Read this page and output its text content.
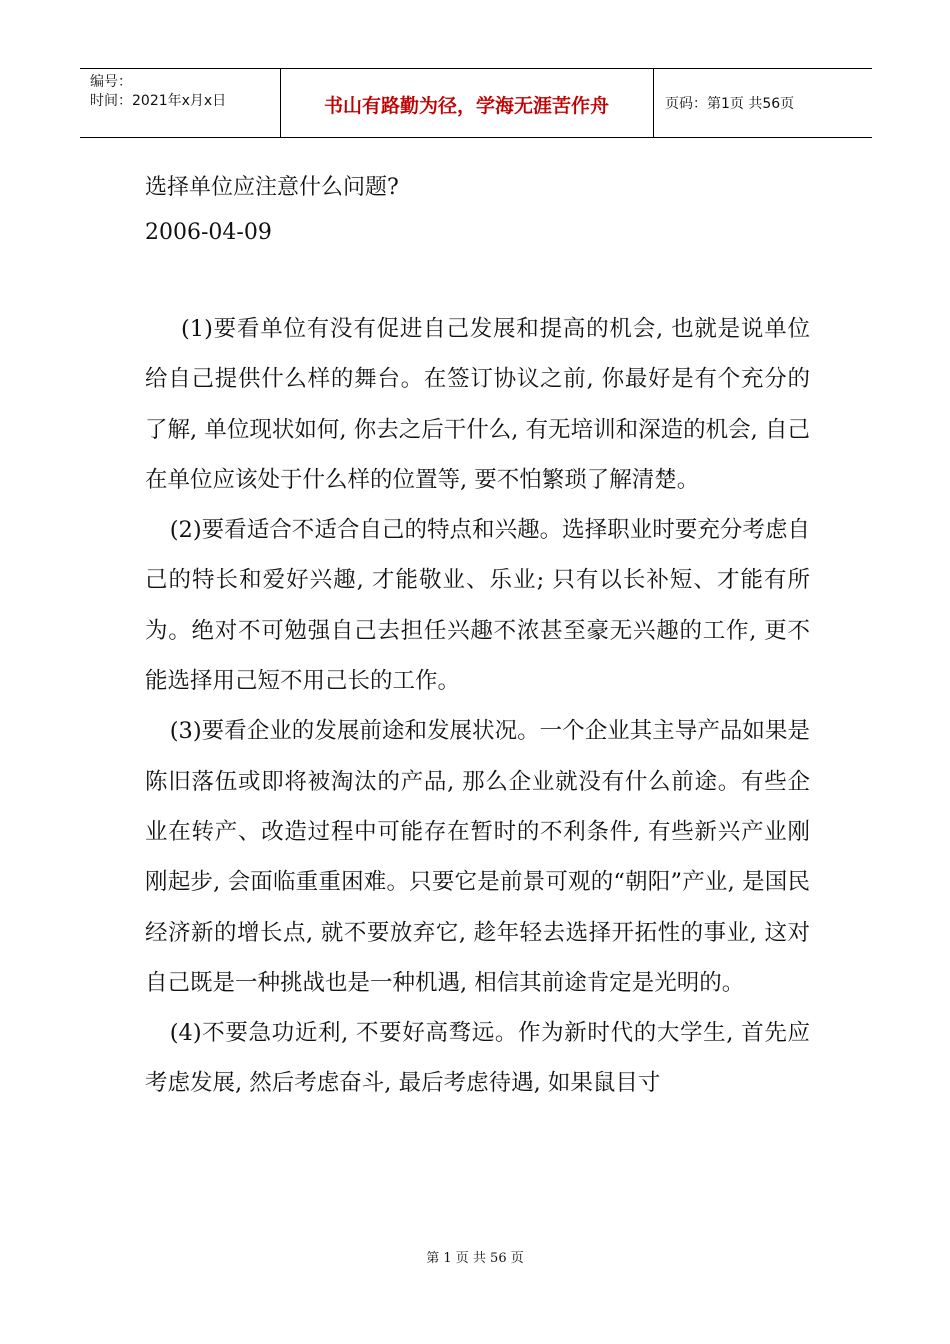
编号：
时间：2021年x月x日	书山有路勤为径，学海无涯苦作舟	页码：第1页 共56页
选择单位应注意什么问题?
2006-04-09

(1)要看单位有没有促进自己发展和提高的机会, 也就是说单位给自己提供什么样的舞台。在签订协议之前, 你最好是有个充分的了解, 单位现状如何, 你去之后干什么, 有无培训和深造的机会, 自己在单位应该处于什么样的位置等, 要不怕繁琐了解清楚。

(2)要看适合不适合自己的特点和兴趣。选择职业时要充分考虑自己的特长和爱好兴趣, 才能敬业、乐业; 只有以长补短、才能有所为。绝对不可勉强自己去担任兴趣不浓甚至豪无兴趣的工作, 更不能选择用己短不用己长的工作。

(3)要看企业的发展前途和发展状况。一个企业其主导产品如果是陈旧落伍或即将被淘汰的产品, 那么企业就没有什么前途。有些企业在转产、改造过程中可能存在暂时的不利条件, 有些新兴产业刚刚起步, 会面临重重困难。只要它是前景可观的“朝阳”产业, 是国民经济新的增长点, 就不要放弃它, 趁年轻去选择开拓性的事业, 这对自己既是一种挑战也是一种机遇, 相信其前途肯定是光明的。

(4)不要急功近利, 不要好高骛远。作为新时代的大学生, 首先应考虑发展, 然后考虑奋斗, 最后考虑待遇, 如果鼠目寸

第 1 页 共 56 页
